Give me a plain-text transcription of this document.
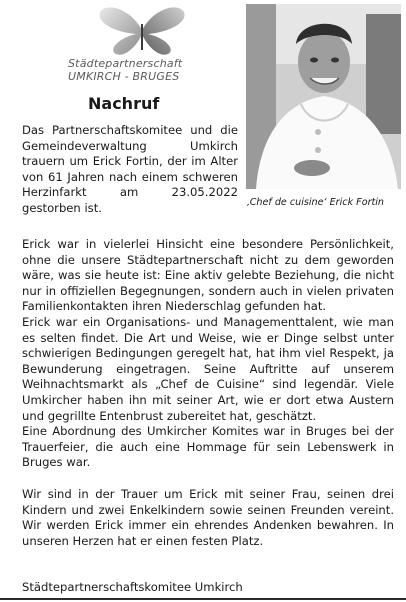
Städtepartnerschaft
UMKIRCH - BRUGES
‚Chef de cuisine‘ Erick Fortin
Nachruf

Das Partnerschaftskomitee und die Gemeindeverwaltung Umkirch trauern um Erick Fortin, der im Alter von 61 Jahren nach einem schweren Herzinfarkt am 23.05.2022 gestorben ist.

Erick war in vielerlei Hinsicht eine besondere Persönlichkeit, ohne die unsere Städtepartnerschaft nicht zu dem geworden wäre, was sie heute ist: Eine aktiv gelebte Beziehung, die nicht nur in offiziellen Begegnungen, sondern auch in vielen privaten Familienkontakten ihren Niederschlag gefunden hat.

Erick war ein Organisations- und Managementtalent, wie man es selten findet. Die Art und Weise, wie er Dinge selbst unter schwierigen Bedingungen geregelt hat, hat ihm viel Respekt, ja Bewunderung eingetragen. Seine Auftritte auf unserem Weihnachtsmarkt als „Chef de Cuisine“ sind legendär. Viele Umkircher haben ihn mit seiner Art, wie er dort etwa Austern und gegrillte Entenbrust zubereitet hat, geschätzt.

Eine Abordnung des Umkircher Komites war in Bruges bei der Trauerfeier, die auch eine Hommage für sein Lebenswerk in Bruges war.

Wir sind in der Trauer um Erick mit seiner Frau, seinen drei Kindern und zwei Enkelkindern sowie seinen Freunden vereint. Wir werden Erick immer ein ehrendes Andenken bewahren. In unseren Herzen hat er einen festen Platz.

Städtepartnerschaftskomitee Umkirch
